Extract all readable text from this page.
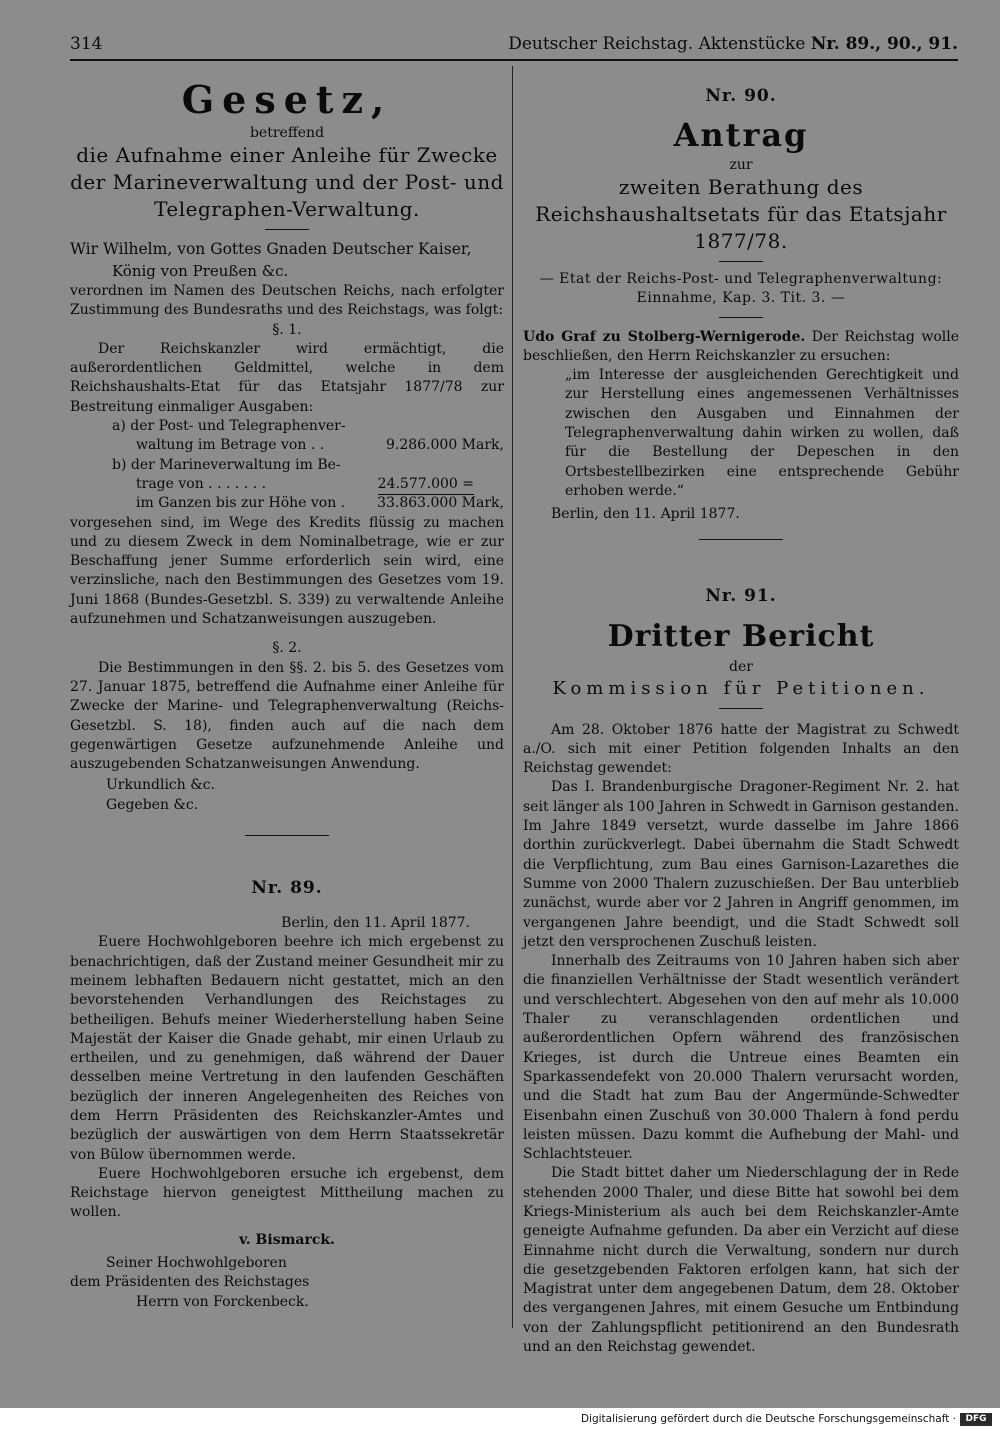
314	Deutscher Reichstag. Aktenstücke Nr. 89., 90., 91.
Gesetz,
betreffend
die Aufnahme einer Anleihe für Zwecke der Marineverwaltung und der Post- und Telegraphen-Verwaltung.

Wir Wilhelm, von Gottes Gnaden Deutscher Kaiser,

König von Preußen &c.

verordnen im Namen des Deutschen Reichs, nach erfolgter Zustimmung des Bundesraths und des Reichstags, was folgt:

§. 1.

Der Reichskanzler wird ermächtigt, die außerordentlichen Geldmittel, welche in dem Reichshaushalts-Etat für das Etatsjahr 1877/78 zur Bestreitung einmaliger Ausgaben:

a) der Post- und Telegraphenver-
waltung im Betrage von . .	9.286.000 Mark,
b) der Marineverwaltung im Be-
trage von . . . . . . .	24.577.000 =
im Ganzen bis zur Höhe von . 33.863.000 Mark,

vorgesehen sind, im Wege des Kredits flüssig zu machen und zu diesem Zweck in dem Nominalbetrage, wie er zur Beschaffung jener Summe erforderlich sein wird, eine verzinsliche, nach den Bestimmungen des Gesetzes vom 19. Juni 1868 (Bundes-Gesetzbl. S. 339) zu verwaltende Anleihe aufzunehmen und Schatzanweisungen auszugeben.

§. 2.

Die Bestimmungen in den §§. 2. bis 5. des Gesetzes vom 27. Januar 1875, betreffend die Aufnahme einer Anleihe für Zwecke der Marine- und Telegraphenverwaltung (Reichs-Gesetzbl. S. 18), finden auch auf die nach dem gegenwärtigen Gesetze aufzunehmende Anleihe und auszugebenden Schatzanweisungen Anwendung.

Urkundlich &c.

Gegeben &c.

Nr. 89.

Berlin, den 11. April 1877.

Euere Hochwohlgeboren beehre ich mich ergebenst zu benachrichtigen, daß der Zustand meiner Gesundheit mir zu meinem lebhaften Bedauern nicht gestattet, mich an den bevorstehenden Verhandlungen des Reichstages zu betheiligen. Behufs meiner Wiederherstellung haben Seine Majestät der Kaiser die Gnade gehabt, mir einen Urlaub zu ertheilen, und zu genehmigen, daß während der Dauer desselben meine Vertretung in den laufenden Geschäften bezüglich der inneren Angelegenheiten des Reiches von dem Herrn Präsidenten des Reichskanzler-Amtes und bezüglich der auswärtigen von dem Herrn Staatssekretär von Bülow übernommen werde.

Euere Hochwohlgeboren ersuche ich ergebenst, dem Reichstage hiervon geneigtest Mittheilung machen zu wollen.

v. Bismarck.

Seiner Hochwohlgeboren

dem Präsidenten des Reichstages

Herrn von Forckenbeck.

Nr. 90.
Antrag
zur
zweiten Berathung des Reichshaushaltsetats für das Etatsjahr 1877/78.

— Etat der Reichs-Post- und Telegraphenverwaltung: Einnahme, Kap. 3. Tit. 3. —

Udo Graf zu Stolberg-Wernigerode. Der Reichstag wolle beschließen, den Herrn Reichskanzler zu ersuchen:

„im Interesse der ausgleichenden Gerechtigkeit und zur Herstellung eines angemessenen Verhältnisses zwischen den Ausgaben und Einnahmen der Telegraphenverwaltung dahin wirken zu wollen, daß für die Bestellung der Depeschen in den Ortsbestellbezirken eine entsprechende Gebühr erhoben werde.“

Berlin, den 11. April 1877.

Nr. 91.
Dritter Bericht
der
Kommission für Petitionen.

Am 28. Oktober 1876 hatte der Magistrat zu Schwedt a./O. sich mit einer Petition folgenden Inhalts an den Reichstag gewendet:

Das I. Brandenburgische Dragoner-Regiment Nr. 2. hat seit länger als 100 Jahren in Schwedt in Garnison gestanden. Im Jahre 1849 versetzt, wurde dasselbe im Jahre 1866 dorthin zurückverlegt. Dabei übernahm die Stadt Schwedt die Verpflichtung, zum Bau eines Garnison-Lazarethes die Summe von 2000 Thalern zuzuschießen. Der Bau unterblieb zunächst, wurde aber vor 2 Jahren in Angriff genommen, im vergangenen Jahre beendigt, und die Stadt Schwedt soll jetzt den versprochenen Zuschuß leisten.

Innerhalb des Zeitraums von 10 Jahren haben sich aber die finanziellen Verhältnisse der Stadt wesentlich verändert und verschlechtert. Abgesehen von den auf mehr als 10.000 Thaler zu veranschlagenden ordentlichen und außerordentlichen Opfern während des französischen Krieges, ist durch die Untreue eines Beamten ein Sparkassendefekt von 20.000 Thalern verursacht worden, und die Stadt hat zum Bau der Angermünde-Schwedter Eisenbahn einen Zuschuß von 30.000 Thalern à fond perdu leisten müssen. Dazu kommt die Aufhebung der Mahl- und Schlachtsteuer.

Die Stadt bittet daher um Niederschlagung der in Rede stehenden 2000 Thaler, und diese Bitte hat sowohl bei dem Kriegs-Ministerium als auch bei dem Reichskanzler-Amte geneigte Aufnahme gefunden. Da aber ein Verzicht auf diese Einnahme nicht durch die Verwaltung, sondern nur durch die gesetzgebenden Faktoren erfolgen kann, hat sich der Magistrat unter dem angegebenen Datum, dem 28. Oktober des vergangenen Jahres, mit einem Gesuche um Entbindung von der Zahlungspflicht petitionirend an den Bundesrath und an den Reichstag gewendet.

Digitalisierung gefördert durch die Deutsche Forschungsgemeinschaft ·	DFG
